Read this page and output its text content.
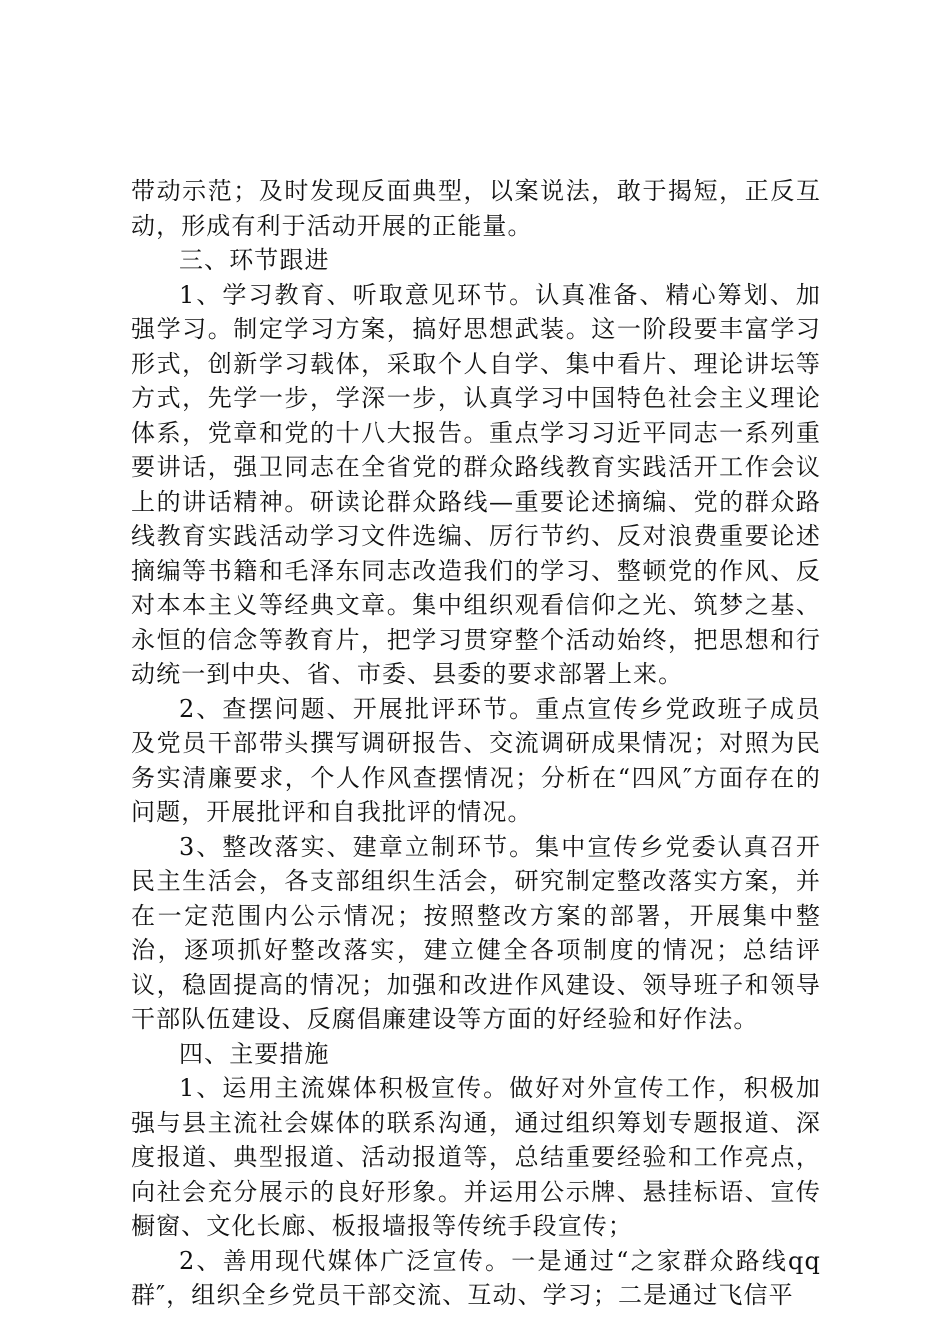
带动示范；及时发现反面典型，以案说法，敢于揭短，正反互动，形成有利于活动开展的正能量。

三、环节跟进

1、学习教育、听取意见环节。认真准备、精心筹划、加强学习。制定学习方案，搞好思想武装。这一阶段要丰富学习形式，创新学习载体，采取个人自学、集中看片、理论讲坛等方式，先学一步，学深一步，认真学习中国特色社会主义理论体系，党章和党的十八大报告。重点学习习近平同志一系列重要讲话，强卫同志在全省党的群众路线教育实践活开工作会议上的讲话精神。研读论群众路线—重要论述摘编、党的群众路线教育实践活动学习文件选编、厉行节约、反对浪费重要论述摘编等书籍和毛泽东同志改造我们的学习、整顿党的作风、反对本本主义等经典文章。集中组织观看信仰之光、筑梦之基、永恒的信念等教育片，把学习贯穿整个活动始终，把思想和行动统一到中央、省、市委、县委的要求部署上来。

2、查摆问题、开展批评环节。重点宣传乡党政班子成员及党员干部带头撰写调研报告、交流调研成果情况；对照为民务实清廉要求，个人作风查摆情况；分析在“四风″方面存在的问题，开展批评和自我批评的情况。

3、整改落实、建章立制环节。集中宣传乡党委认真召开民主生活会，各支部组织生活会，研究制定整改落实方案，并在一定范围内公示情况；按照整改方案的部署，开展集中整治，逐项抓好整改落实，建立健全各项制度的情况；总结评议，稳固提高的情况；加强和改进作风建设、领导班子和领导干部队伍建设、反腐倡廉建设等方面的好经验和好作法。

四、主要措施

1、运用主流媒体积极宣传。做好对外宣传工作，积极加强与县主流社会媒体的联系沟通，通过组织筹划专题报道、深度报道、典型报道、活动报道等，总结重要经验和工作亮点，向社会充分展示的良好形象。并运用公示牌、悬挂标语、宣传橱窗、文化长廊、板报墙报等传统手段宣传；

2、善用现代媒体广泛宣传。一是通过“之家群众路线qq群″，组织全乡党员干部交流、互动、学习；二是通过飞信平
